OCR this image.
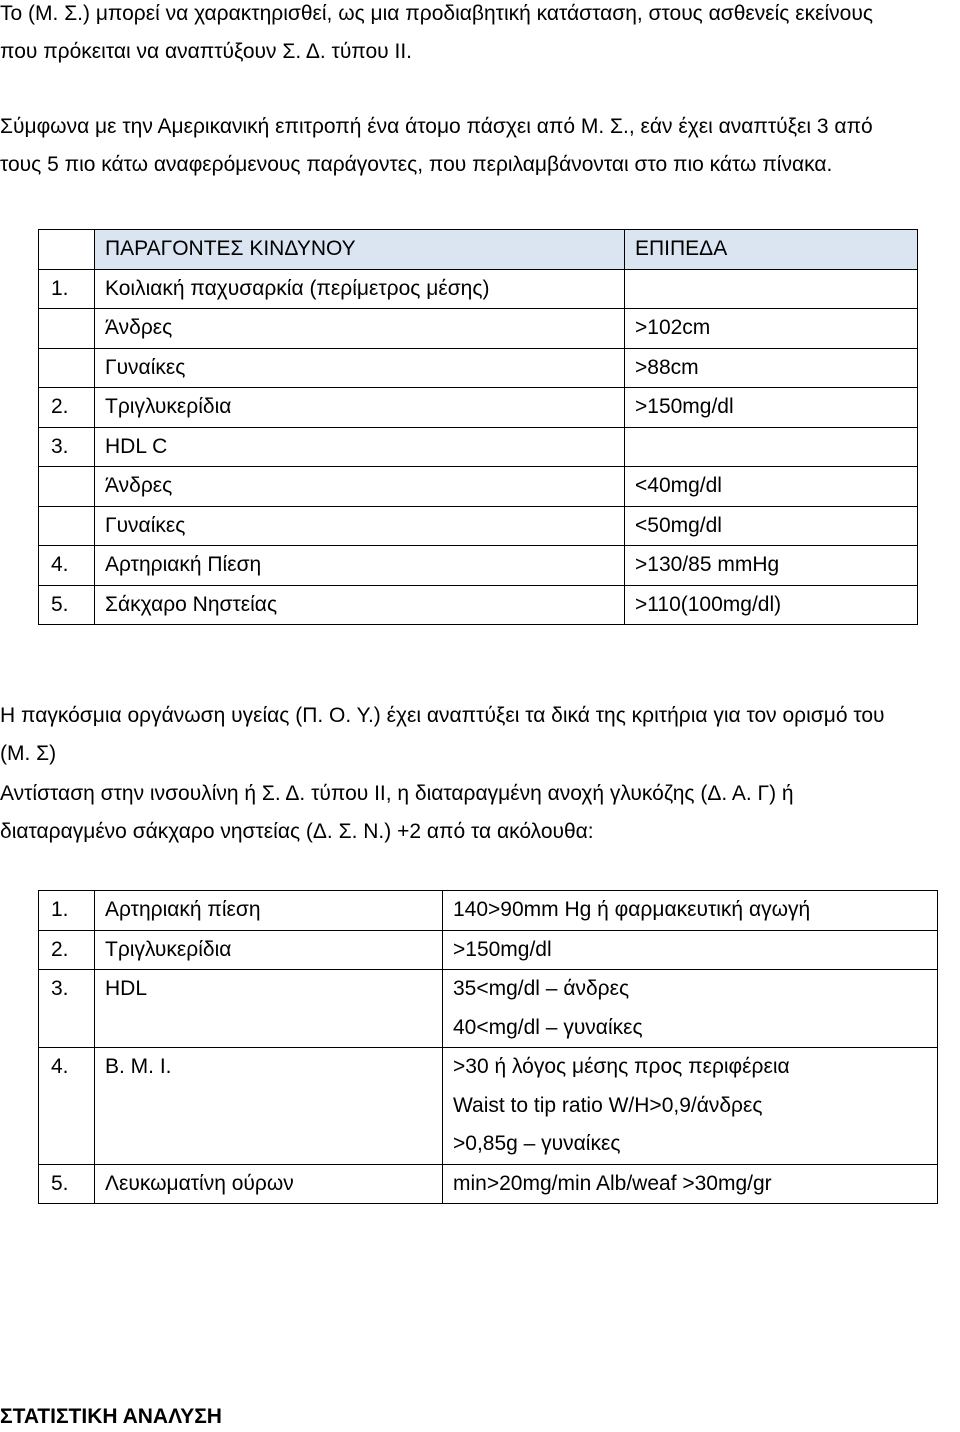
Το (Μ. Σ.) μπορεί να χαρακτηρισθεί, ως μια προδιαβητική κατάσταση, στους ασθενείς εκείνους

που πρόκειται να αναπτύξουν Σ. Δ. τύπου ΙΙ.

Σύμφωνα με την Αμερικανική επιτροπή ένα άτομο πάσχει από Μ. Σ., εάν έχει αναπτύξει 3 από

τους 5 πιο κάτω αναφερόμενους παράγοντες, που περιλαμβάνονται στο πιο κάτω πίνακα.

	ΠΑΡΑΓΟΝΤΕΣ ΚΙΝΔΥΝΟΥ	ΕΠΙΠΕΔΑ
1.	Κοιλιακή παχυσαρκία (περίμετρος μέσης)	
	Άνδρες	>102cm
	Γυναίκες	>88cm
2.	Τριγλυκερίδια	>150mg/dl
3.	HDL C	
	Άνδρες	<40mg/dl
	Γυναίκες	<50mg/dl
4.	Αρτηριακή Πίεση	>130/85 mmHg
5.	Σάκχαρο Νηστείας	>110(100mg/dl)

Η παγκόσμια οργάνωση υγείας (Π. Ο. Υ.) έχει αναπτύξει τα δικά της κριτήρια για τον ορισμό του

(Μ. Σ)

Αντίσταση στην ινσουλίνη ή Σ. Δ. τύπου ΙΙ, η διαταραγμένη ανοχή γλυκόζης (Δ. Α. Γ) ή

διαταραγμένο σάκχαρο νηστείας (Δ. Σ. Ν.) +2 από τα ακόλουθα:

1.	Αρτηριακή πίεση	140>90mm Hg ή φαρμακευτική αγωγή
2.	Τριγλυκερίδια	>150mg/dl
3.	HDL	35<mg/dl – άνδρες
40<mg/dl – γυναίκες

4.	B. M. I.	>30 ή λόγος μέσης προς περιφέρεια
Waist to tip ratio W/H>0,9/άνδρες
>0,85g – γυναίκες

5.	Λευκωματίνη ούρων	min>20mg/min Alb/weaf >30mg/gr
ΣΤΑΤΙΣΤΙΚΗ ΑΝΑΛΥΣΗ
